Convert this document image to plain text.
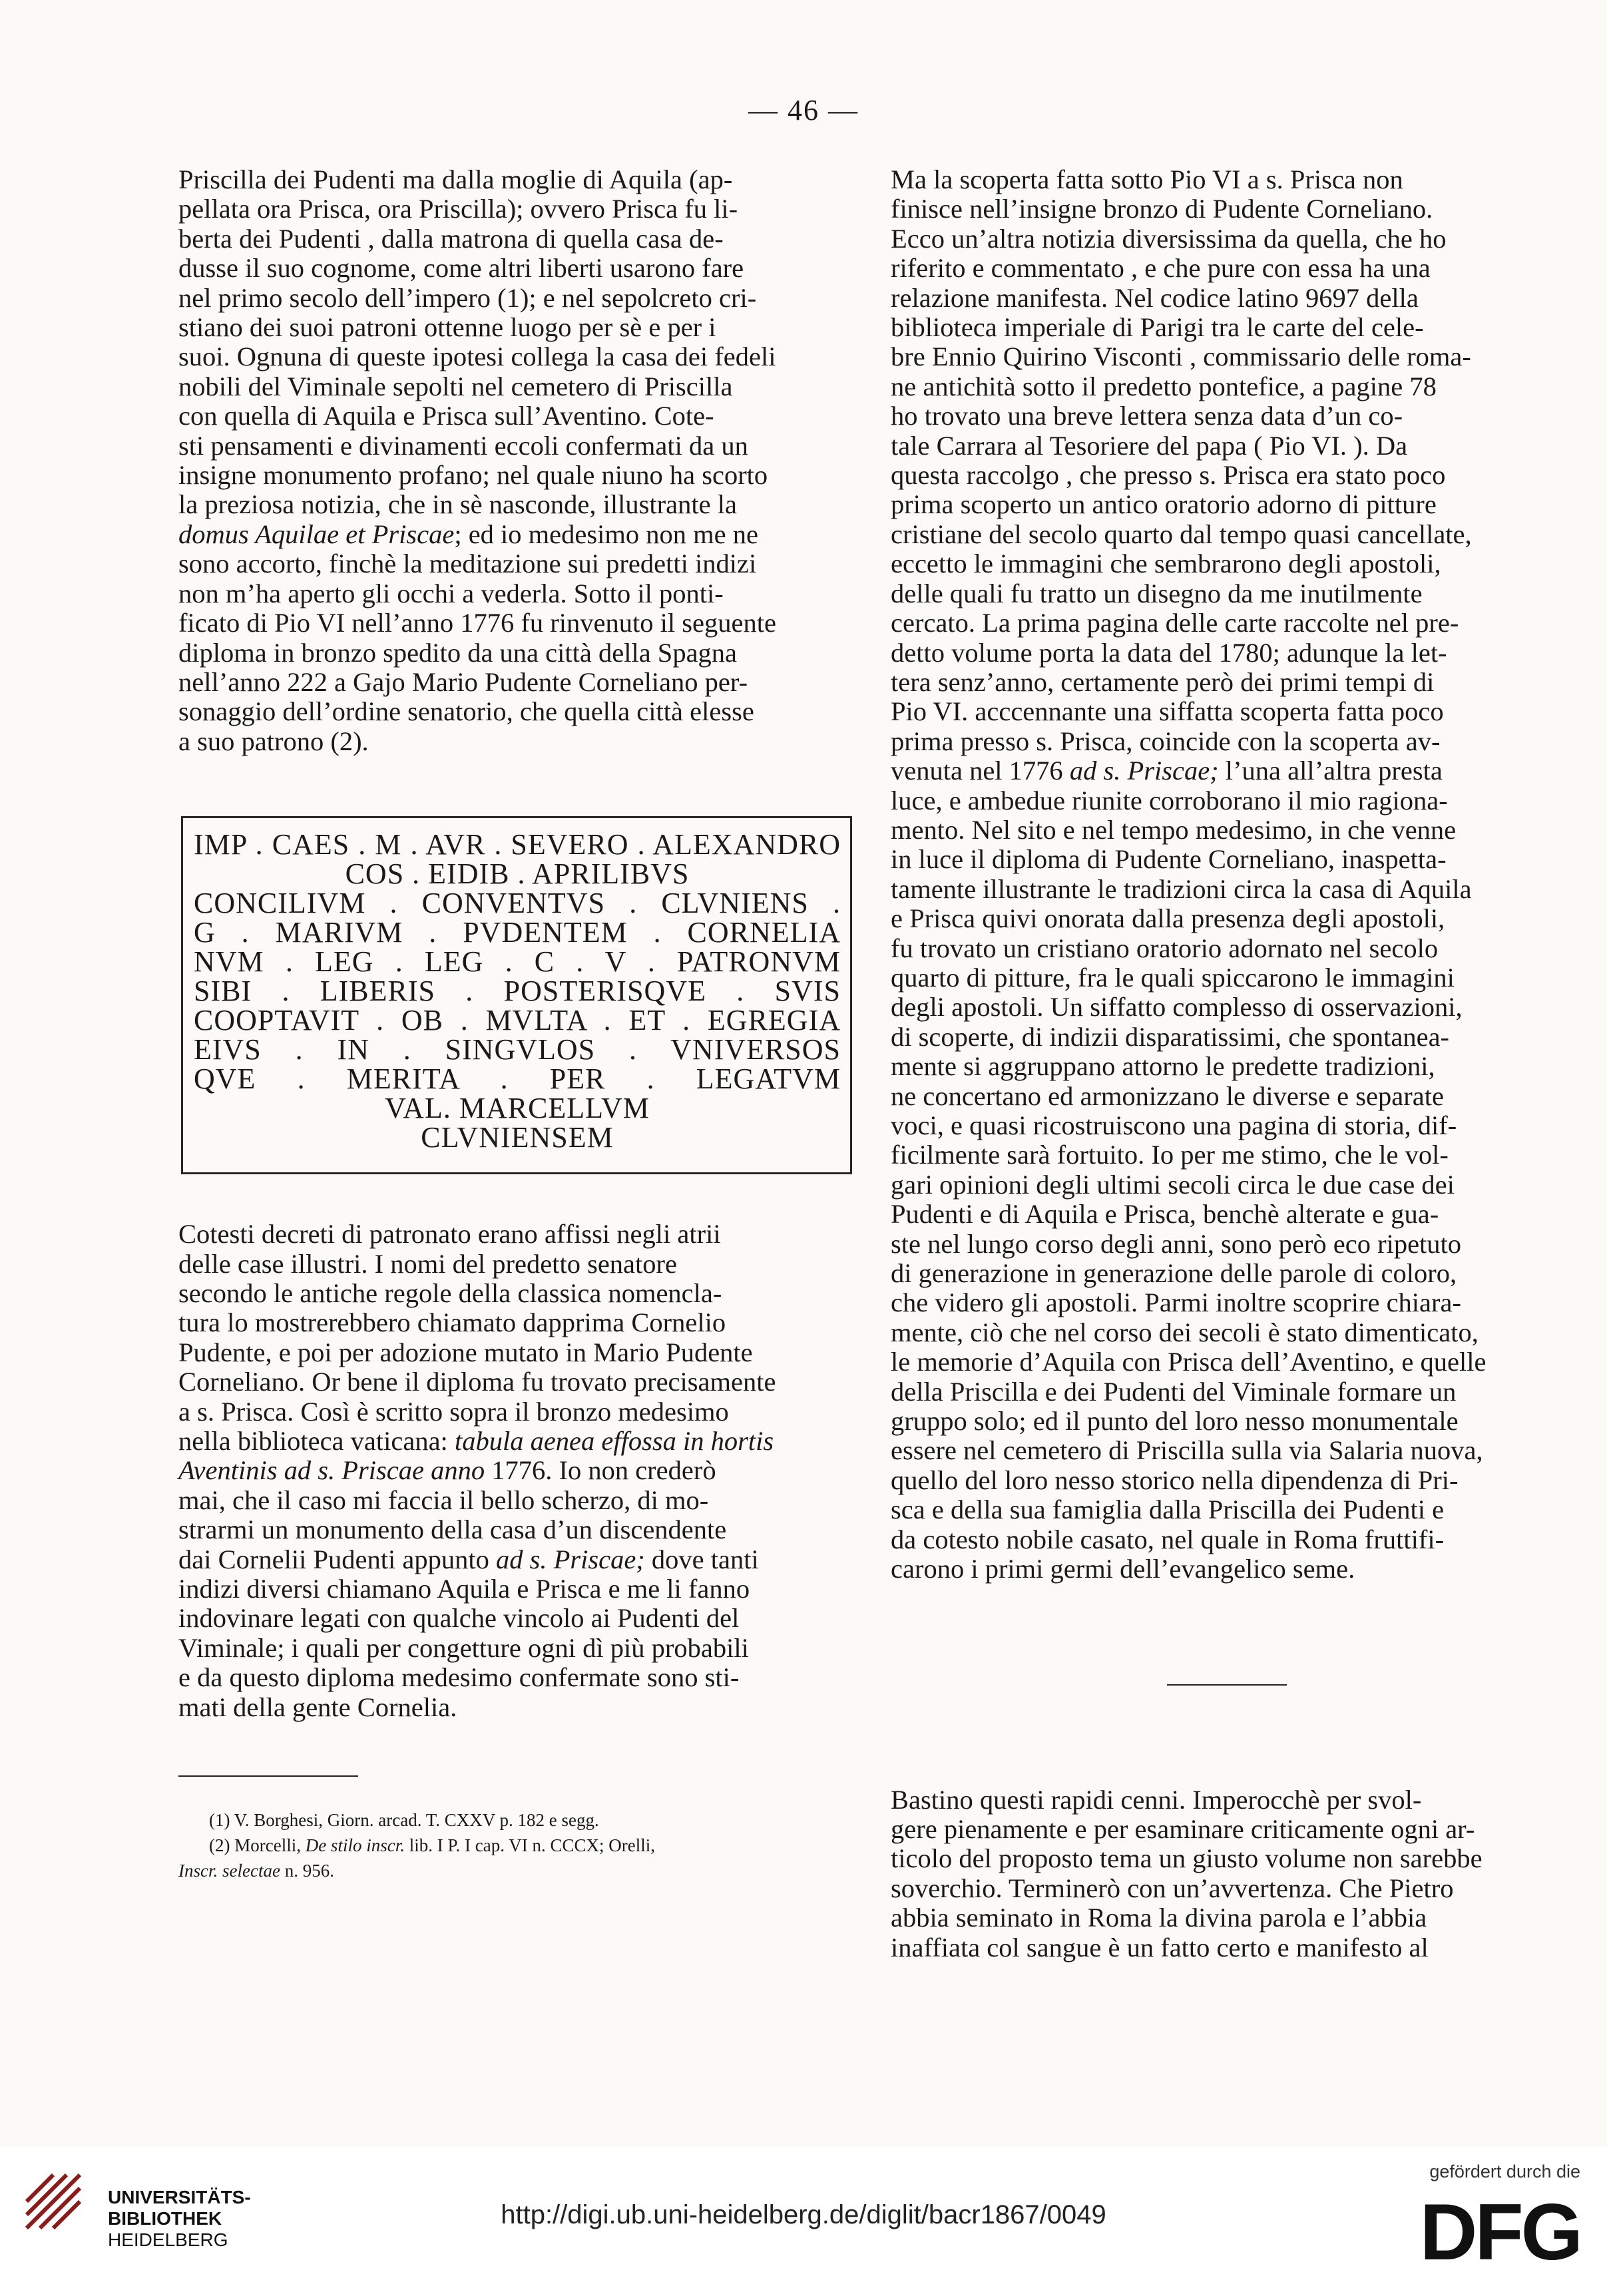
— 46 —
Priscilla dei Pudenti ma dalla moglie di Aquila (ap-
pellata ora Prisca, ora Priscilla); ovvero Prisca fu li-
berta dei Pudenti , dalla matrona di quella casa de-
dusse il suo cognome, come altri liberti usarono fare
nel primo secolo dell’impero (1); e nel sepolcreto cri-
stiano dei suoi patroni ottenne luogo per sè e per i
suoi. Ognuna di queste ipotesi collega la casa dei fedeli
nobili del Viminale sepolti nel cemetero di Priscilla
con quella di Aquila e Prisca sull’Aventino. Cote-
sti pensamenti e divinamenti eccoli confermati da un
insigne monumento profano; nel quale niuno ha scorto
la preziosa notizia, che in sè nasconde, illustrante la
domus Aquilae et Priscae; ed io medesimo non me ne
sono accorto, finchè la meditazione sui predetti indizi
non m’ha aperto gli occhi a vederla. Sotto il ponti-
ficato di Pio VI nell’anno 1776 fu rinvenuto il seguente
diploma in bronzo spedito da una città della Spagna
nell’anno 222 a Gajo Mario Pudente Corneliano per-
sonaggio dell’ordine senatorio, che quella città elesse
a suo patrono (2).
IMP . CAES . M . AVR . SEVERO . ALEXANDRO
COS . EIDIB . APRILIBVS
CONCILIVM . CONVENTVS . CLVNIENS .
G . MARIVM . PVDENTEM . CORNELIA
NVM . LEG . LEG . C . V . PATRONVM
SIBI . LIBERIS . POSTERISQVE . SVIS
COOPTAVIT . OB . MVLTA . ET . EGREGIA
EIVS . IN . SINGVLOS . VNIVERSOS
QVE . MERITA . PER . LEGATVM
VAL. MARCELLVM
CLVNIENSEM
Cotesti decreti di patronato erano affissi negli atrii
delle case illustri. I nomi del predetto senatore
secondo le antiche regole della classica nomencla-
tura lo mostrerebbero chiamato dapprima Cornelio
Pudente, e poi per adozione mutato in Mario Pudente
Corneliano. Or bene il diploma fu trovato precisamente
a s. Prisca. Così è scritto sopra il bronzo medesimo
nella biblioteca vaticana: tabula aenea effossa in hortis
Aventinis ad s. Priscae anno 1776. Io non crederò
mai, che il caso mi faccia il bello scherzo, di mo-
strarmi un monumento della casa d’un discendente
dai Cornelii Pudenti appunto ad s. Priscae; dove tanti
indizi diversi chiamano Aquila e Prisca e me li fanno
indovinare legati con qualche vincolo ai Pudenti del
Viminale; i quali per congetture ogni dì più probabili
e da questo diploma medesimo confermate sono sti-
mati della gente Cornelia.
(1) V. Borghesi, Giorn. arcad. T. CXXV p. 182 e segg.
(2) Morcelli, De stilo inscr. lib. I P. I cap. VI n. CCCX; Orelli,
Inscr. selectae n. 956.
Ma la scoperta fatta sotto Pio VI a s. Prisca non
finisce nell’insigne bronzo di Pudente Corneliano.
Ecco un’altra notizia diversissima da quella, che ho
riferito e commentato , e che pure con essa ha una
relazione manifesta. Nel codice latino 9697 della
biblioteca imperiale di Parigi tra le carte del cele-
bre Ennio Quirino Visconti , commissario delle roma-
ne antichità sotto il predetto pontefice, a pagine 78
ho trovato una breve lettera senza data d’un co-
tale Carrara al Tesoriere del papa ( Pio VI. ). Da
questa raccolgo , che presso s. Prisca era stato poco
prima scoperto un antico oratorio adorno di pitture
cristiane del secolo quarto dal tempo quasi cancellate,
eccetto le immagini che sembrarono degli apostoli,
delle quali fu tratto un disegno da me inutilmente
cercato. La prima pagina delle carte raccolte nel pre-
detto volume porta la data del 1780; adunque la let-
tera senz’anno, certamente però dei primi tempi di
Pio VI. acccennante una siffatta scoperta fatta poco
prima presso s. Prisca, coincide con la scoperta av-
venuta nel 1776 ad s. Priscae; l’una all’altra presta
luce, e ambedue riunite corroborano il mio ragiona-
mento. Nel sito e nel tempo medesimo, in che venne
in luce il diploma di Pudente Corneliano, inaspetta-
tamente illustrante le tradizioni circa la casa di Aquila
e Prisca quivi onorata dalla presenza degli apostoli,
fu trovato un cristiano oratorio adornato nel secolo
quarto di pitture, fra le quali spiccarono le immagini
degli apostoli. Un siffatto complesso di osservazioni,
di scoperte, di indizii disparatissimi, che spontanea-
mente si aggruppano attorno le predette tradizioni,
ne concertano ed armonizzano le diverse e separate
voci, e quasi ricostruiscono una pagina di storia, dif-
ficilmente sarà fortuito. Io per me stimo, che le vol-
gari opinioni degli ultimi secoli circa le due case dei
Pudenti e di Aquila e Prisca, benchè alterate e gua-
ste nel lungo corso degli anni, sono però eco ripetuto
di generazione in generazione delle parole di coloro,
che videro gli apostoli. Parmi inoltre scoprire chiara-
mente, ciò che nel corso dei secoli è stato dimenticato,
le memorie d’Aquila con Prisca dell’Aventino, e quelle
della Priscilla e dei Pudenti del Viminale formare un
gruppo solo; ed il punto del loro nesso monumentale
essere nel cemetero di Priscilla sulla via Salaria nuova,
quello del loro nesso storico nella dipendenza di Pri-
sca e della sua famiglia dalla Priscilla dei Pudenti e
da cotesto nobile casato, nel quale in Roma fruttifi-
carono i primi germi dell’evangelico seme.
Bastino questi rapidi cenni. Imperocchè per svol-
gere pienamente e per esaminare criticamente ogni ar-
ticolo del proposto tema un giusto volume non sarebbe
soverchio. Terminerò con un’avvertenza. Che Pietro
abbia seminato in Roma la divina parola e l’abbia
inaffiata col sangue è un fatto certo e manifesto al
UNIVERSITÄTS-
BIBLIOTHEK
HEIDELBERG
http://digi.ub.uni-heidelberg.de/diglit/bacr1867/0049
gefördert durch die
DFG
